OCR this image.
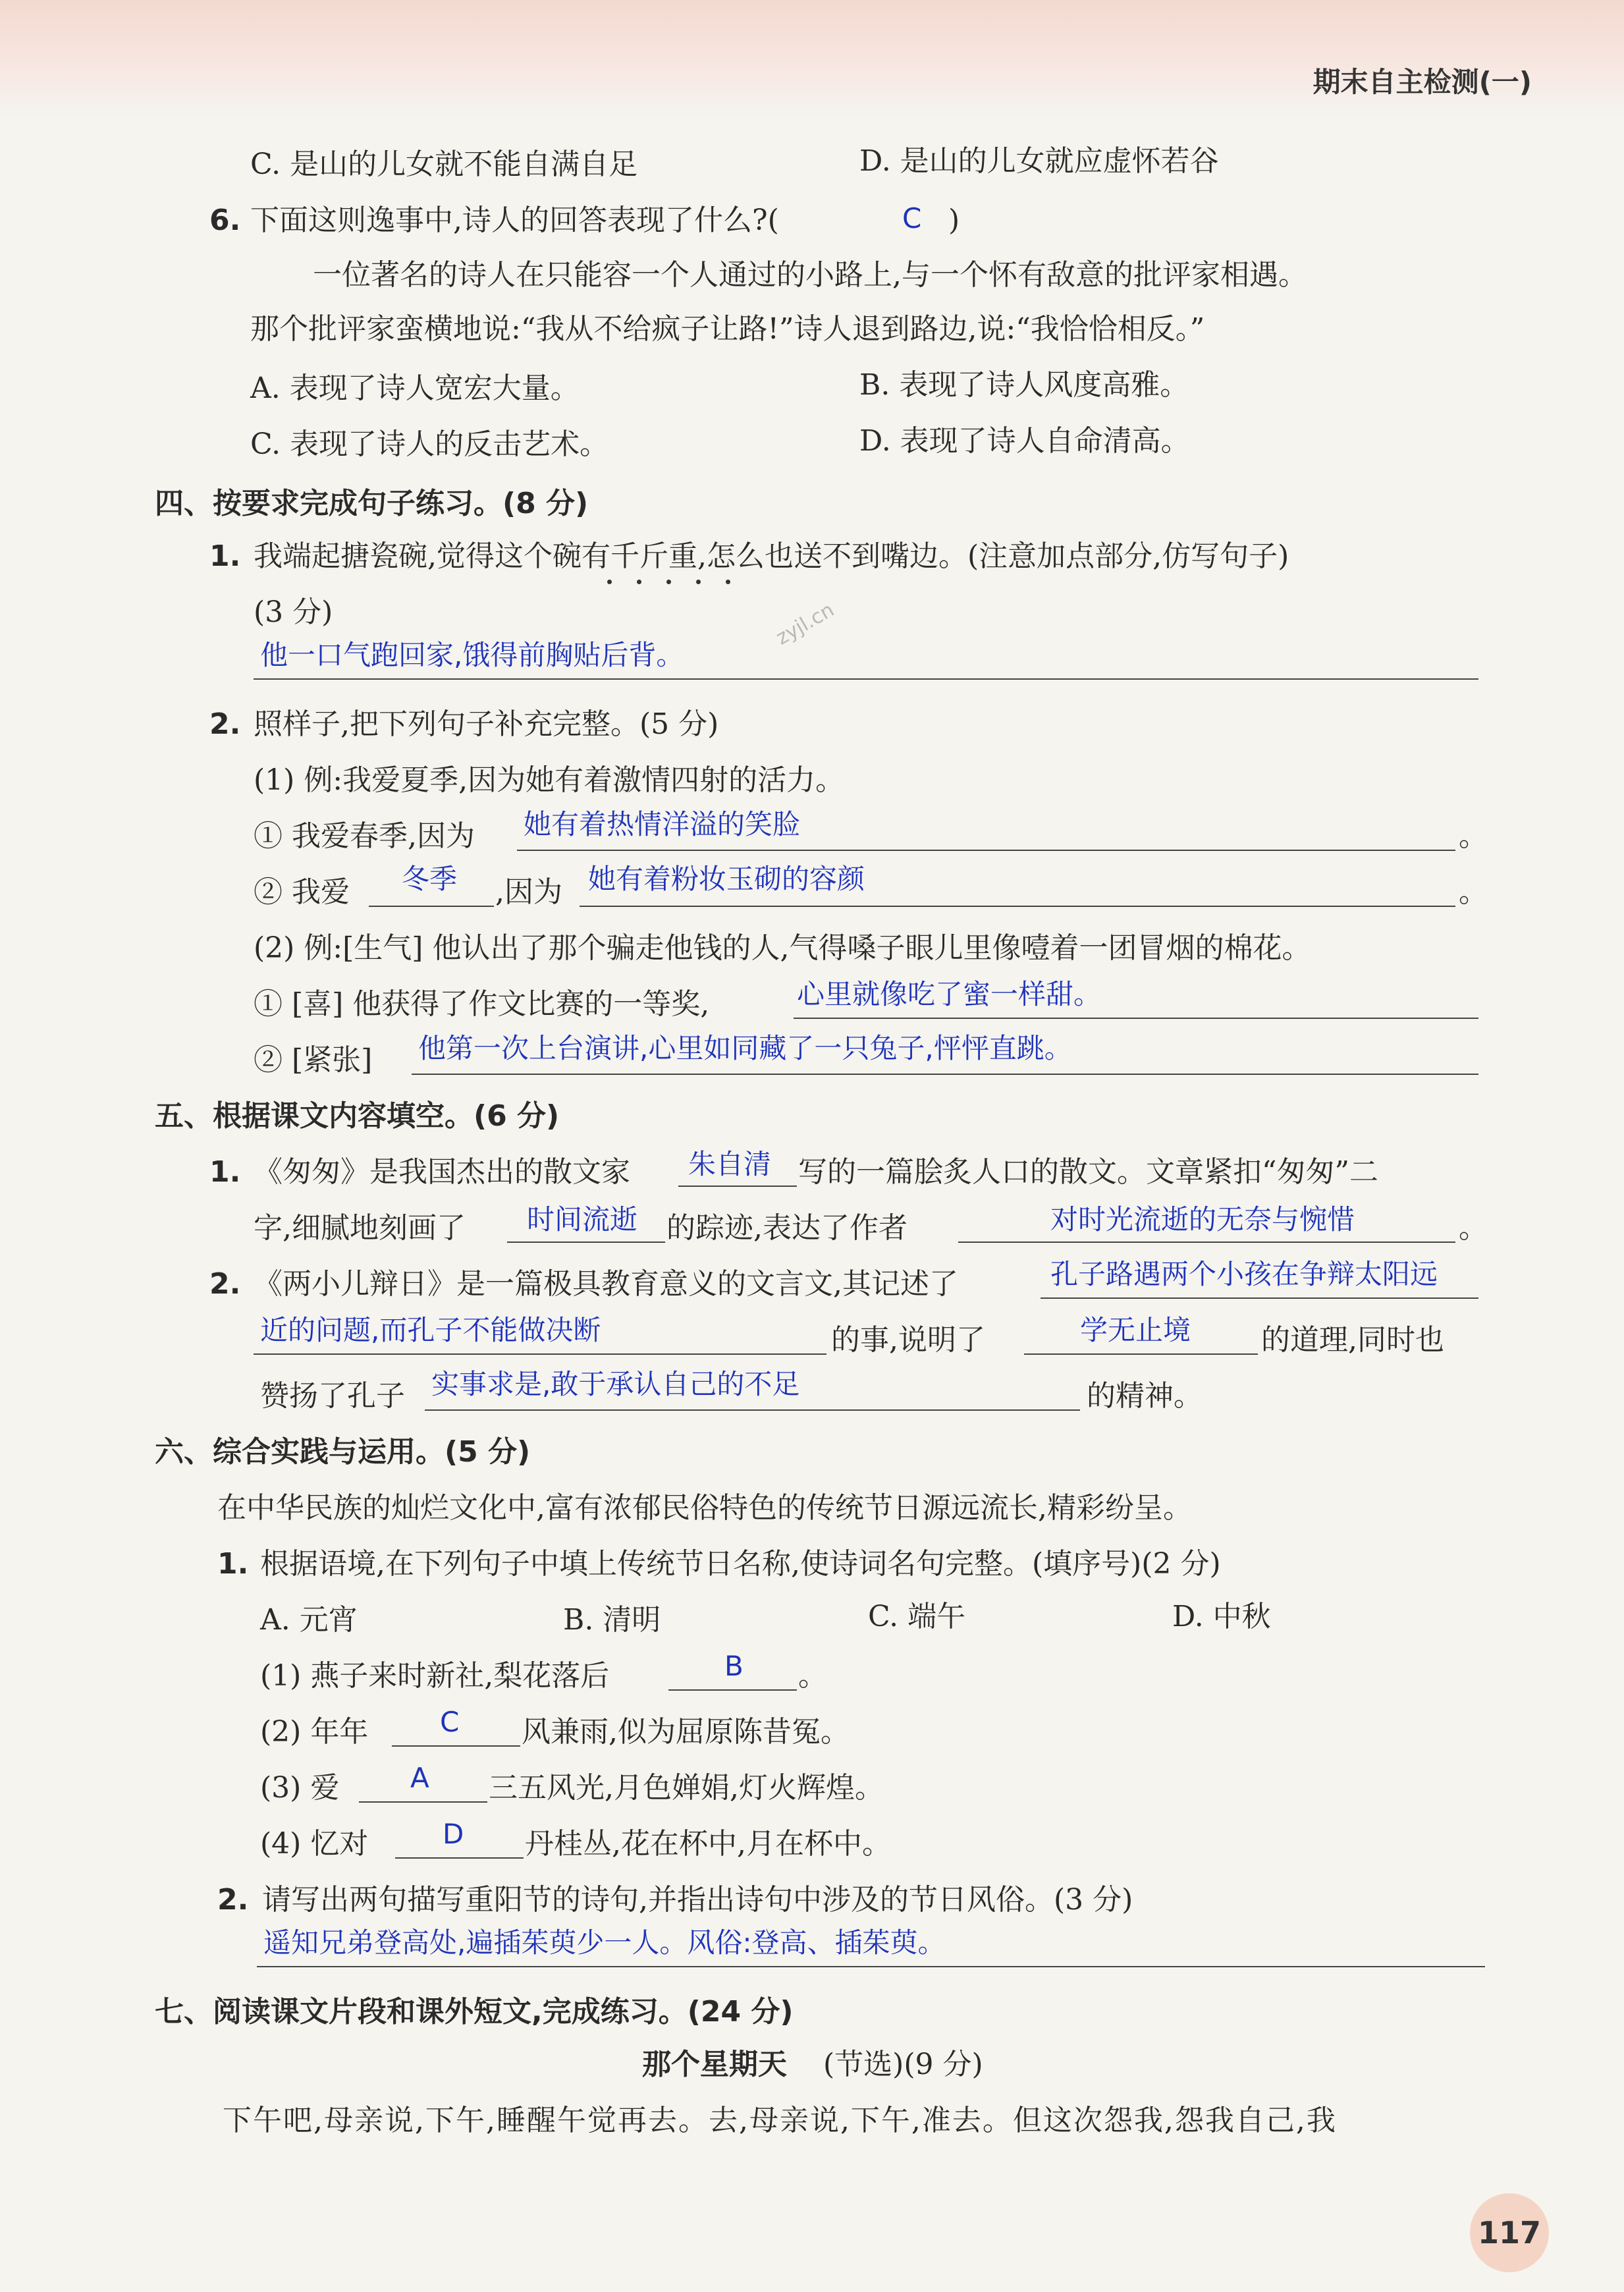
期末自主检测(一)
C. 是山的儿女就不能自满自足	D. 是山的儿女就应虚怀若谷
6. 下面这则逸事中,诗人的回答表现了什么?(	C )
一位著名的诗人在只能容一个人通过的小路上,与一个怀有敌意的批评家相遇。
那个批评家蛮横地说:“我从不给疯子让路!”诗人退到路边,说:“我恰恰相反。”
A. 表现了诗人宽宏大量。	B. 表现了诗人风度高雅。
C. 表现了诗人的反击艺术。	D. 表现了诗人自命清高。
四、按要求完成句子练习。(8 分)
1. 我端起搪瓷碗,觉得这个碗有千斤重,怎么也送不到嘴边。(注意加点部分,仿写句子)
(3 分)
他一口气跑回家,饿得前胸贴后背。
zyjl.cn
2. 照样子,把下列句子补充完整。(5 分)
(1) 例:我爱夏季,因为她有着激情四射的活力。
① 我爱春季,因为 她有着热情洋溢的笑脸	。
② 我爱 冬季 ,因为 她有着粉妆玉砌的容颜	。
(2) 例:[生气] 他认出了那个骗走他钱的人,气得嗓子眼儿里像噎着一团冒烟的棉花。
① [喜] 他获得了作文比赛的一等奖,	心里就像吃了蜜一样甜。
② [紧张] 他第一次上台演讲,心里如同藏了一只兔子,怦怦直跳。
五、根据课文内容填空。(6 分)
1. 《匆匆》是我国杰出的散文家 朱自清 写的一篇脍炙人口的散文。文章紧扣“匆匆”二
字,细腻地刻画了 时间流逝 的踪迹,表达了作者	对时光流逝的无奈与惋惜	。
2. 《两小儿辩日》是一篇极具教育意义的文言文,其记述了	孔子路遇两个小孩在争辩太阳远
近的问题,而孔子不能做决断	的事,说明了	学无止境 的道理,同时也
赞扬了孔子 实事求是,敢于承认自己的不足	的精神。
六、综合实践与运用。(5 分)
在中华民族的灿烂文化中,富有浓郁民俗特色的传统节日源远流长,精彩纷呈。
1. 根据语境,在下列句子中填上传统节日名称,使诗词名句完整。(填序号)(2 分)
A. 元宵	B. 清明	C. 端午	D. 中秋
(1) 燕子来时新社,梨花落后	B 。
(2) 年年	C 风兼雨,似为屈原陈昔冤。
(3) 爱	A 三五风光,月色婵娟,灯火辉煌。
(4) 忆对	D 丹桂丛,花在杯中,月在杯中。
2. 请写出两句描写重阳节的诗句,并指出诗句中涉及的节日风俗。(3 分)
遥知兄弟登高处,遍插茱萸少一人。风俗:登高、插茱萸。
七、阅读课文片段和课外短文,完成练习。(24 分)
那个星期天 (节选)(9 分)
下午吧,母亲说,下午,睡醒午觉再去。去,母亲说,下午,准去。但这次怨我,怨我自己,我
117
